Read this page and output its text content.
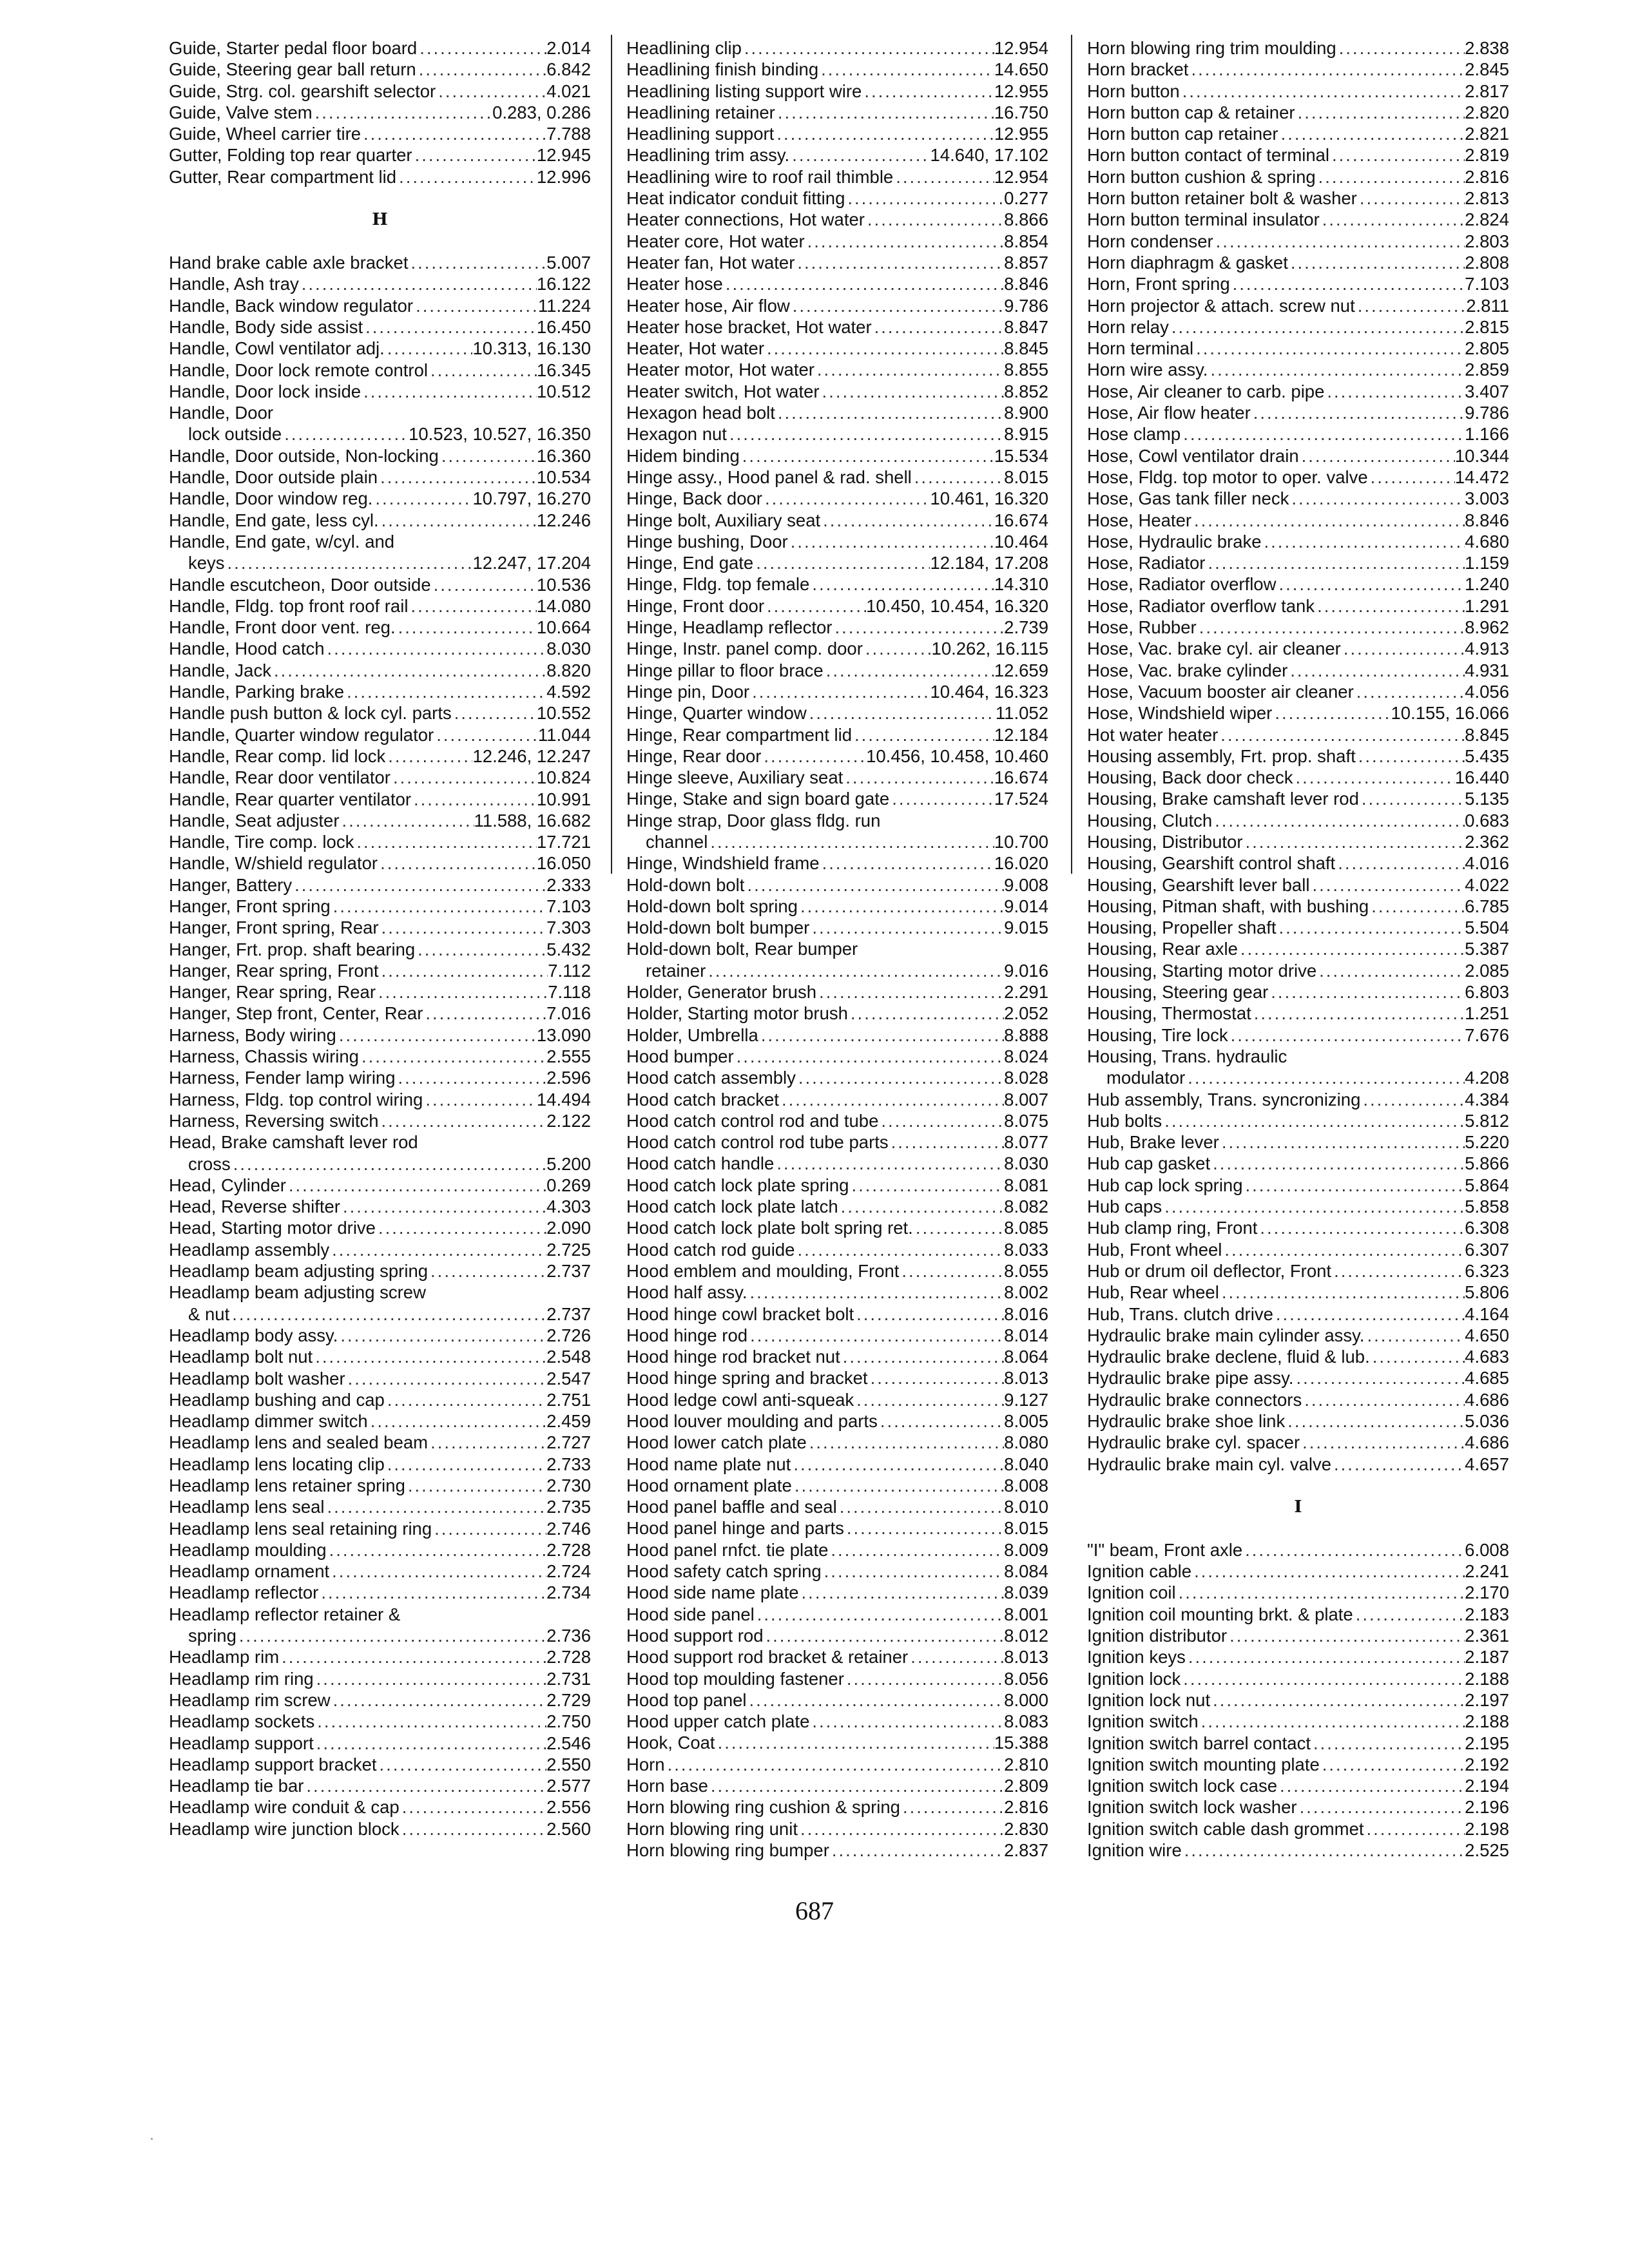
Guide, Starter pedal floor board .....	2.014
Guide, Steering gear ball return .....	6.842
Guide, Strg. col. gearshift selector .....	4.021
Guide, Valve stem .....	0.283, 0.286
Guide, Wheel carrier tire .....	7.788
Gutter, Folding top rear quarter .....	12.945
Gutter, Rear compartment lid .....	12.996
H
Hand brake cable axle bracket .....	5.007
Handle, Ash tray .....	16.122
Handle, Back window regulator .....	11.224
Handle, Body side assist .....	16.450
Handle, Cowl ventilator adj. .....	10.313, 16.130
Handle, Door lock remote control .....	16.345
Handle, Door lock inside .....	10.512
Handle, Door
lock outside .....	10.523, 10.527, 16.350
Handle, Door outside, Non-locking .....	16.360
Handle, Door outside plain .....	10.534
Handle, Door window reg. .....	10.797, 16.270
Handle, End gate, less cyl. .....	12.246
Handle, End gate, w/cyl. and
keys .....	12.247, 17.204
Handle escutcheon, Door outside .....	10.536
Handle, Fldg. top front roof rail .....	14.080
Handle, Front door vent. reg. .....	10.664
Handle, Hood catch .....	8.030
Handle, Jack .....	8.820
Handle, Parking brake .....	4.592
Handle push button & lock cyl. parts .....	10.552
Handle, Quarter window regulator .....	11.044
Handle, Rear comp. lid lock .....	12.246, 12.247
Handle, Rear door ventilator .....	10.824
Handle, Rear quarter ventilator .....	10.991
Handle, Seat adjuster .....	11.588, 16.682
Handle, Tire comp. lock .....	17.721
Handle, W/shield regulator .....	16.050
Hanger, Battery .....	2.333
Hanger, Front spring .....	7.103
Hanger, Front spring, Rear .....	7.303
Hanger, Frt. prop. shaft bearing .....	5.432
Hanger, Rear spring, Front .....	7.112
Hanger, Rear spring, Rear .....	7.118
Hanger, Step front, Center, Rear .....	7.016
Harness, Body wiring .....	13.090
Harness, Chassis wiring .....	2.555
Harness, Fender lamp wiring .....	2.596
Harness, Fldg. top control wiring .....	14.494
Harness, Reversing switch .....	2.122
Head, Brake camshaft lever rod
cross .....	5.200
Head, Cylinder .....	0.269
Head, Reverse shifter .....	4.303
Head, Starting motor drive .....	2.090
Headlamp assembly .....	2.725
Headlamp beam adjusting spring .....	2.737
Headlamp beam adjusting screw
& nut .....	2.737
Headlamp body assy. .....	2.726
Headlamp bolt nut .....	2.548
Headlamp bolt washer .....	2.547
Headlamp bushing and cap .....	2.751
Headlamp dimmer switch .....	2.459
Headlamp lens and sealed beam .....	2.727
Headlamp lens locating clip .....	2.733
Headlamp lens retainer spring .....	2.730
Headlamp lens seal .....	2.735
Headlamp lens seal retaining ring .....	2.746
Headlamp moulding .....	2.728
Headlamp ornament .....	2.724
Headlamp reflector .....	2.734
Headlamp reflector retainer &
spring .....	2.736
Headlamp rim .....	2.728
Headlamp rim ring .....	2.731
Headlamp rim screw .....	2.729
Headlamp sockets .....	2.750
Headlamp support .....	2.546
Headlamp support bracket .....	2.550
Headlamp tie bar .....	2.577
Headlamp wire conduit & cap .....	2.556
Headlamp wire junction block .....	2.560
Headlining clip .....	12.954
Headlining finish binding .....	14.650
Headlining listing support wire .....	12.955
Headlining retainer .....	16.750
Headlining support .....	12.955
Headlining trim assy. .....	14.640, 17.102
Headlining wire to roof rail thimble .....	12.954
Heat indicator conduit fitting .....	0.277
Heater connections, Hot water .....	8.866
Heater core, Hot water .....	8.854
Heater fan, Hot water .....	8.857
Heater hose .....	8.846
Heater hose, Air flow .....	9.786
Heater hose bracket, Hot water .....	8.847
Heater, Hot water .....	8.845
Heater motor, Hot water .....	8.855
Heater switch, Hot water .....	8.852
Hexagon head bolt .....	8.900
Hexagon nut .....	8.915
Hidem binding .....	15.534
Hinge assy., Hood panel & rad. shell .....	8.015
Hinge, Back door .....	10.461, 16.320
Hinge bolt, Auxiliary seat .....	16.674
Hinge bushing, Door .....	10.464
Hinge, End gate .....	12.184, 17.208
Hinge, Fldg. top female .....	14.310
Hinge, Front door .....	10.450, 10.454, 16.320
Hinge, Headlamp reflector .....	2.739
Hinge, Instr. panel comp. door .....	10.262, 16.115
Hinge pillar to floor brace .....	12.659
Hinge pin, Door .....	10.464, 16.323
Hinge, Quarter window .....	11.052
Hinge, Rear compartment lid .....	12.184
Hinge, Rear door .....	10.456, 10.458, 10.460
Hinge sleeve, Auxiliary seat .....	16.674
Hinge, Stake and sign board gate .....	17.524
Hinge strap, Door glass fldg. run
channel .....	10.700
Hinge, Windshield frame .....	16.020
Hold-down bolt .....	9.008
Hold-down bolt spring .....	9.014
Hold-down bolt bumper .....	9.015
Hold-down bolt, Rear bumper
retainer .....	9.016
Holder, Generator brush .....	2.291
Holder, Starting motor brush .....	2.052
Holder, Umbrella .....	8.888
Hood bumper .....	8.024
Hood catch assembly .....	8.028
Hood catch bracket .....	8.007
Hood catch control rod and tube .....	8.075
Hood catch control rod tube parts .....	8.077
Hood catch handle .....	8.030
Hood catch lock plate spring .....	8.081
Hood catch lock plate latch .....	8.082
Hood catch lock plate bolt spring ret. .....	8.085
Hood catch rod guide .....	8.033
Hood emblem and moulding, Front .....	8.055
Hood half assy. .....	8.002
Hood hinge cowl bracket bolt .....	8.016
Hood hinge rod .....	8.014
Hood hinge rod bracket nut .....	8.064
Hood hinge spring and bracket .....	8.013
Hood ledge cowl anti-squeak .....	9.127
Hood louver moulding and parts .....	8.005
Hood lower catch plate .....	8.080
Hood name plate nut .....	8.040
Hood ornament plate .....	8.008
Hood panel baffle and seal .....	8.010
Hood panel hinge and parts .....	8.015
Hood panel rnfct. tie plate .....	8.009
Hood safety catch spring .....	8.084
Hood side name plate .....	8.039
Hood side panel .....	8.001
Hood support rod .....	8.012
Hood support rod bracket & retainer .....	8.013
Hood top moulding fastener .....	8.056
Hood top panel .....	8.000
Hood upper catch plate .....	8.083
Hook, Coat .....	15.388
Horn .....	2.810
Horn base .....	2.809
Horn blowing ring cushion & spring .....	2.816
Horn blowing ring unit .....	2.830
Horn blowing ring bumper .....	2.837
Horn blowing ring trim moulding .....	2.838
Horn bracket .....	2.845
Horn button .....	2.817
Horn button cap & retainer .....	2.820
Horn button cap retainer .....	2.821
Horn button contact of terminal .....	2.819
Horn button cushion & spring .....	2.816
Horn button retainer bolt & washer .....	2.813
Horn button terminal insulator .....	2.824
Horn condenser .....	2.803
Horn diaphragm & gasket .....	2.808
Horn, Front spring .....	7.103
Horn projector & attach. screw nut .....	2.811
Horn relay .....	2.815
Horn terminal .....	2.805
Horn wire assy. .....	2.859
Hose, Air cleaner to carb. pipe .....	3.407
Hose, Air flow heater .....	9.786
Hose clamp .....	1.166
Hose, Cowl ventilator drain .....	10.344
Hose, Fldg. top motor to oper. valve .....	14.472
Hose, Gas tank filler neck .....	3.003
Hose, Heater .....	8.846
Hose, Hydraulic brake .....	4.680
Hose, Radiator .....	1.159
Hose, Radiator overflow .....	1.240
Hose, Radiator overflow tank .....	1.291
Hose, Rubber .....	8.962
Hose, Vac. brake cyl. air cleaner .....	4.913
Hose, Vac. brake cylinder .....	4.931
Hose, Vacuum booster air cleaner .....	4.056
Hose, Windshield wiper .....	10.155, 16.066
Hot water heater .....	8.845
Housing assembly, Frt. prop. shaft .....	5.435
Housing, Back door check .....	16.440
Housing, Brake camshaft lever rod .....	5.135
Housing, Clutch .....	0.683
Housing, Distributor .....	2.362
Housing, Gearshift control shaft .....	4.016
Housing, Gearshift lever ball .....	4.022
Housing, Pitman shaft, with bushing .....	6.785
Housing, Propeller shaft .....	5.504
Housing, Rear axle .....	5.387
Housing, Starting motor drive .....	2.085
Housing, Steering gear .....	6.803
Housing, Thermostat .....	1.251
Housing, Tire lock .....	7.676
Housing, Trans. hydraulic
modulator .....	4.208
Hub assembly, Trans. syncronizing .....	4.384
Hub bolts .....	5.812
Hub, Brake lever .....	5.220
Hub cap gasket .....	5.866
Hub cap lock spring .....	5.864
Hub caps .....	5.858
Hub clamp ring, Front .....	6.308
Hub, Front wheel .....	6.307
Hub or drum oil deflector, Front .....	6.323
Hub, Rear wheel .....	5.806
Hub, Trans. clutch drive .....	4.164
Hydraulic brake main cylinder assy. .....	4.650
Hydraulic brake declene, fluid & lub. .....	4.683
Hydraulic brake pipe assy. .....	4.685
Hydraulic brake connectors .....	4.686
Hydraulic brake shoe link .....	5.036
Hydraulic brake cyl. spacer .....	4.686
Hydraulic brake main cyl. valve .....	4.657
I
"I" beam, Front axle .....	6.008
Ignition cable .....	2.241
Ignition coil .....	2.170
Ignition coil mounting brkt. & plate .....	2.183
Ignition distributor .....	2.361
Ignition keys .....	2.187
Ignition lock .....	2.188
Ignition lock nut .....	2.197
Ignition switch .....	2.188
Ignition switch barrel contact .....	2.195
Ignition switch mounting plate .....	2.192
Ignition switch lock case .....	2.194
Ignition switch lock washer .....	2.196
Ignition switch cable dash grommet .....	2.198
Ignition wire .....	2.525
687
